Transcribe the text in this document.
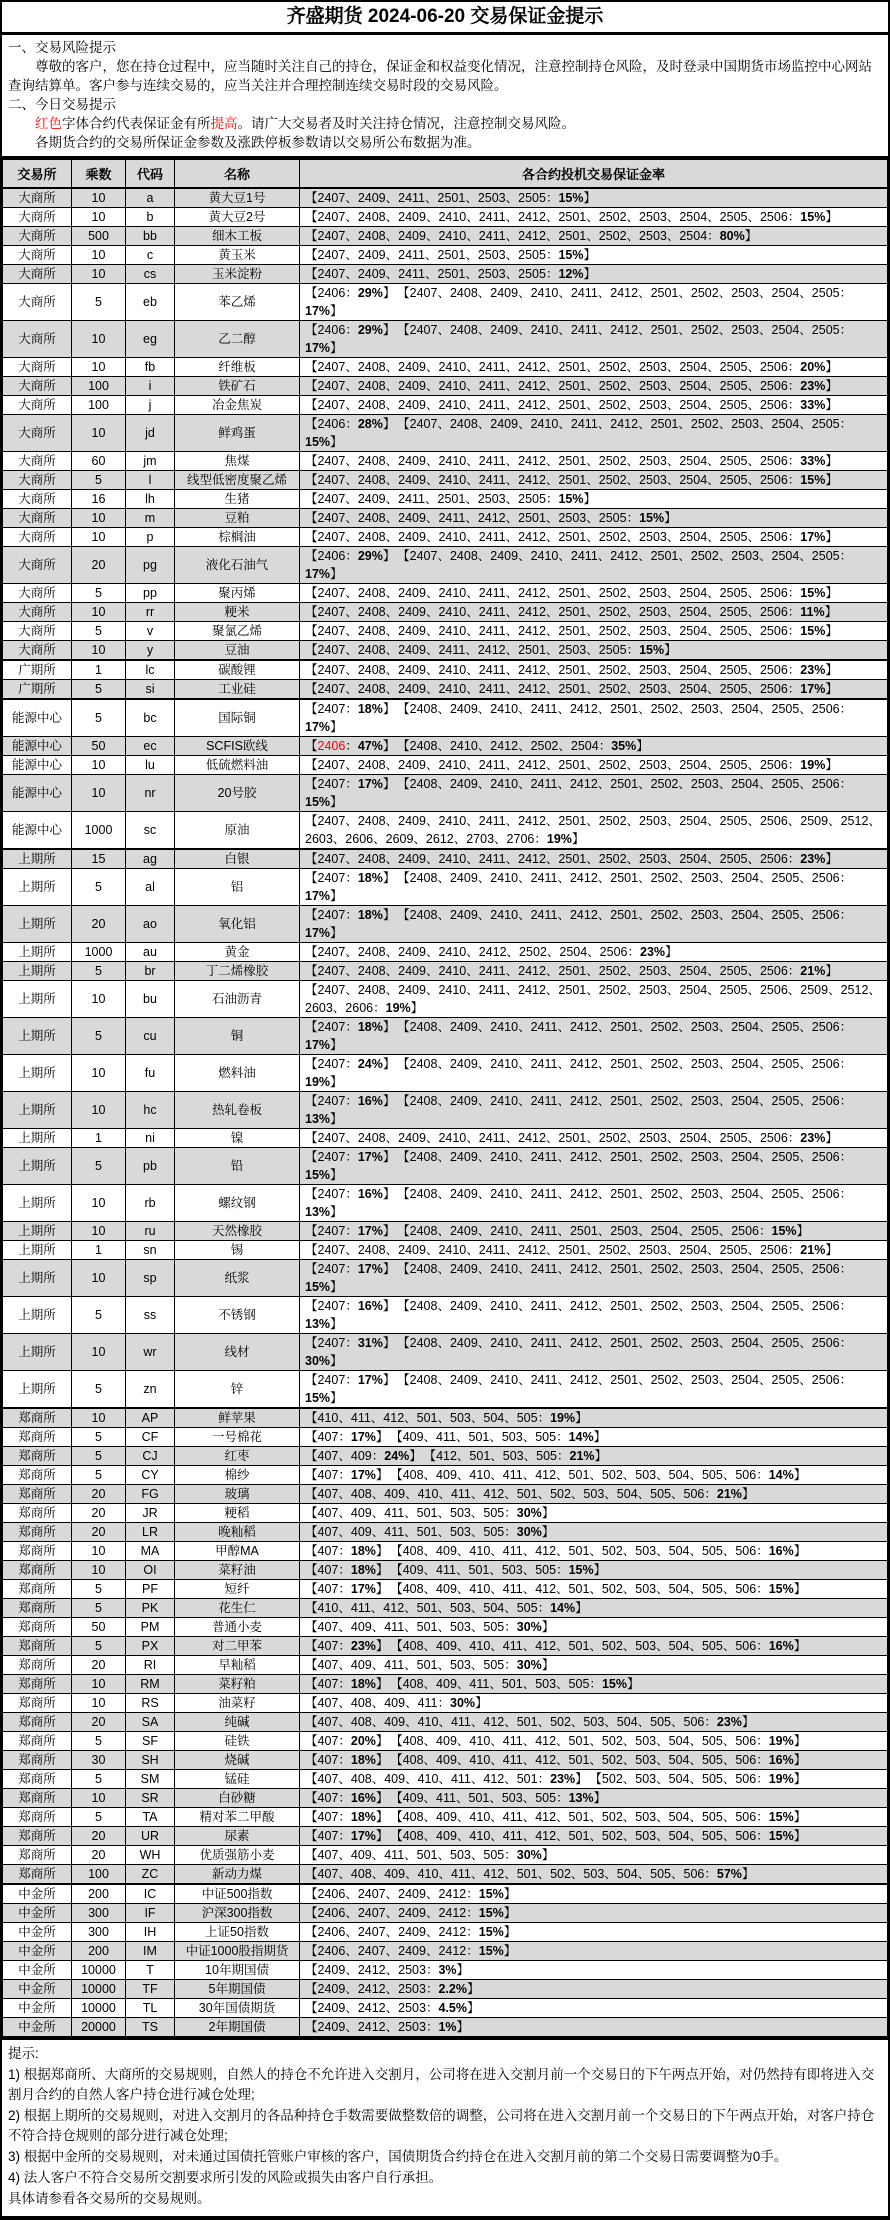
齐盛期货 2024-06-20 交易保证金提示

一、交易风险提示

尊敬的客户，您在持仓过程中，应当随时关注自己的持仓，保证金和权益变化情况，注意控制持仓风险，及时登录中国期货市场监控中心网站查询结算单。客户参与连续交易的，应当关注并合理控制连续交易时段的交易风险。

二、今日交易提示

红色字体合约代表保证金有所提高。请广大交易者及时关注持仓情况，注意控制交易风险。

各期货合约的交易所保证金参数及涨跌停板参数请以交易所公布数据为准。

交易所	乘数	代码	名称	各合约投机交易保证金率
大商所	10	a	黄大豆1号	【2407、2409、2411、2501、2503、2505：15%】
大商所	10	b	黄大豆2号	【2407、2408、2409、2410、2411、2412、2501、2502、2503、2504、2505、2506：15%】
大商所	500	bb	细木工板	【2407、2408、2409、2410、2411、2412、2501、2502、2503、2504：80%】
大商所	10	c	黄玉米	【2407、2409、2411、2501、2503、2505：15%】
大商所	10	cs	玉米淀粉	【2407、2409、2411、2501、2503、2505：12%】
大商所	5	eb	苯乙烯	【2406：29%】 【2407、2408、2409、2410、2411、2412、2501、2502、2503、2504、2505：17%】
大商所	10	eg	乙二醇	【2406：29%】 【2407、2408、2409、2410、2411、2412、2501、2502、2503、2504、2505：17%】
大商所	10	fb	纤维板	【2407、2408、2409、2410、2411、2412、2501、2502、2503、2504、2505、2506：20%】
大商所	100	i	铁矿石	【2407、2408、2409、2410、2411、2412、2501、2502、2503、2504、2505、2506：23%】
大商所	100	j	冶金焦炭	【2407、2408、2409、2410、2411、2412、2501、2502、2503、2504、2505、2506：33%】
大商所	10	jd	鲜鸡蛋	【2406：28%】 【2407、2408、2409、2410、2411、2412、2501、2502、2503、2504、2505：15%】
大商所	60	jm	焦煤	【2407、2408、2409、2410、2411、2412、2501、2502、2503、2504、2505、2506：33%】
大商所	5	l	线型低密度聚乙烯	【2407、2408、2409、2410、2411、2412、2501、2502、2503、2504、2505、2506：15%】
大商所	16	lh	生猪	【2407、2409、2411、2501、2503、2505：15%】
大商所	10	m	豆粕	【2407、2408、2409、2411、2412、2501、2503、2505：15%】
大商所	10	p	棕榈油	【2407、2408、2409、2410、2411、2412、2501、2502、2503、2504、2505、2506：17%】
大商所	20	pg	液化石油气	【2406：29%】 【2407、2408、2409、2410、2411、2412、2501、2502、2503、2504、2505：17%】
大商所	5	pp	聚丙烯	【2407、2408、2409、2410、2411、2412、2501、2502、2503、2504、2505、2506：15%】
大商所	10	rr	粳米	【2407、2408、2409、2410、2411、2412、2501、2502、2503、2504、2505、2506：11%】
大商所	5	v	聚氯乙烯	【2407、2408、2409、2410、2411、2412、2501、2502、2503、2504、2505、2506：15%】
大商所	10	y	豆油	【2407、2408、2409、2411、2412、2501、2503、2505：15%】
广期所	1	lc	碳酸锂	【2407、2408、2409、2410、2411、2412、2501、2502、2503、2504、2505、2506：23%】
广期所	5	si	工业硅	【2407、2408、2409、2410、2411、2412、2501、2502、2503、2504、2505、2506：17%】
能源中心	5	bc	国际铜	【2407：18%】 【2408、2409、2410、2411、2412、2501、2502、2503、2504、2505、2506：17%】
能源中心	50	ec	SCFIS欧线	【2406：47%】 【2408、2410、2412、2502、2504：35%】
能源中心	10	lu	低硫燃料油	【2407、2408、2409、2410、2411、2412、2501、2502、2503、2504、2505、2506：19%】
能源中心	10	nr	20号胶	【2407：17%】 【2408、2409、2410、2411、2412、2501、2502、2503、2504、2505、2506：15%】
能源中心	1000	sc	原油	【2407、2408、2409、2410、2411、2412、2501、2502、2503、2504、2505、2506、2509、2512、2603、2606、2609、2612、2703、2706：19%】
上期所	15	ag	白银	【2407、2408、2409、2410、2411、2412、2501、2502、2503、2504、2505、2506：23%】
上期所	5	al	铝	【2407：18%】 【2408、2409、2410、2411、2412、2501、2502、2503、2504、2505、2506：17%】
上期所	20	ao	氧化铝	【2407：18%】 【2408、2409、2410、2411、2412、2501、2502、2503、2504、2505、2506：17%】
上期所	1000	au	黄金	【2407、2408、2409、2410、2412、2502、2504、2506：23%】
上期所	5	br	丁二烯橡胶	【2407、2408、2409、2410、2411、2412、2501、2502、2503、2504、2505、2506：21%】
上期所	10	bu	石油沥青	【2407、2408、2409、2410、2411、2412、2501、2502、2503、2504、2505、2506、2509、2512、2603、2606：19%】
上期所	5	cu	铜	【2407：18%】 【2408、2409、2410、2411、2412、2501、2502、2503、2504、2505、2506：17%】
上期所	10	fu	燃料油	【2407：24%】 【2408、2409、2410、2411、2412、2501、2502、2503、2504、2505、2506：19%】
上期所	10	hc	热轧卷板	【2407：16%】 【2408、2409、2410、2411、2412、2501、2502、2503、2504、2505、2506：13%】
上期所	1	ni	镍	【2407、2408、2409、2410、2411、2412、2501、2502、2503、2504、2505、2506：23%】
上期所	5	pb	铅	【2407：17%】 【2408、2409、2410、2411、2412、2501、2502、2503、2504、2505、2506：15%】
上期所	10	rb	螺纹钢	【2407：16%】 【2408、2409、2410、2411、2412、2501、2502、2503、2504、2505、2506：13%】
上期所	10	ru	天然橡胶	【2407：17%】 【2408、2409、2410、2411、2501、2503、2504、2505、2506：15%】
上期所	1	sn	锡	【2407、2408、2409、2410、2411、2412、2501、2502、2503、2504、2505、2506：21%】
上期所	10	sp	纸浆	【2407：17%】 【2408、2409、2410、2411、2412、2501、2502、2503、2504、2505、2506：15%】
上期所	5	ss	不锈钢	【2407：16%】 【2408、2409、2410、2411、2412、2501、2502、2503、2504、2505、2506：13%】
上期所	10	wr	线材	【2407：31%】 【2408、2409、2410、2411、2412、2501、2502、2503、2504、2505、2506：30%】
上期所	5	zn	锌	【2407：17%】 【2408、2409、2410、2411、2412、2501、2502、2503、2504、2505、2506：15%】
郑商所	10	AP	鲜苹果	【410、411、412、501、503、504、505：19%】
郑商所	5	CF	一号棉花	【407：17%】 【409、411、501、503、505：14%】
郑商所	5	CJ	红枣	【407、409：24%】 【412、501、503、505：21%】
郑商所	5	CY	棉纱	【407：17%】 【408、409、410、411、412、501、502、503、504、505、506：14%】
郑商所	20	FG	玻璃	【407、408、409、410、411、412、501、502、503、504、505、506：21%】
郑商所	20	JR	粳稻	【407、409、411、501、503、505：30%】
郑商所	20	LR	晚籼稻	【407、409、411、501、503、505：30%】
郑商所	10	MA	甲醇MA	【407：18%】 【408、409、410、411、412、501、502、503、504、505、506：16%】
郑商所	10	OI	菜籽油	【407：18%】 【409、411、501、503、505：15%】
郑商所	5	PF	短纤	【407：17%】 【408、409、410、411、412、501、502、503、504、505、506：15%】
郑商所	5	PK	花生仁	【410、411、412、501、503、504、505：14%】
郑商所	50	PM	普通小麦	【407、409、411、501、503、505：30%】
郑商所	5	PX	对二甲苯	【407：23%】 【408、409、410、411、412、501、502、503、504、505、506：16%】
郑商所	20	RI	早籼稻	【407、409、411、501、503、505：30%】
郑商所	10	RM	菜籽粕	【407：18%】 【408、409、411、501、503、505：15%】
郑商所	10	RS	油菜籽	【407、408、409、411：30%】
郑商所	20	SA	纯碱	【407、408、409、410、411、412、501、502、503、504、505、506：23%】
郑商所	5	SF	硅铁	【407：20%】 【408、409、410、411、412、501、502、503、504、505、506：19%】
郑商所	30	SH	烧碱	【407：18%】 【408、409、410、411、412、501、502、503、504、505、506：16%】
郑商所	5	SM	锰硅	【407、408、409、410、411、412、501：23%】 【502、503、504、505、506：19%】
郑商所	10	SR	白砂糖	【407：16%】 【409、411、501、503、505：13%】
郑商所	5	TA	精对苯二甲酸	【407：18%】 【408、409、410、411、412、501、502、503、504、505、506：15%】
郑商所	20	UR	尿素	【407：17%】 【408、409、410、411、412、501、502、503、504、505、506：15%】
郑商所	20	WH	优质强筋小麦	【407、409、411、501、503、505：30%】
郑商所	100	ZC	新动力煤	【407、408、409、410、411、412、501、502、503、504、505、506：57%】
中金所	200	IC	中证500指数	【2406、2407、2409、2412：15%】
中金所	300	IF	沪深300指数	【2406、2407、2409、2412：15%】
中金所	300	IH	上证50指数	【2406、2407、2409、2412：15%】
中金所	200	IM	中证1000股指期货	【2406、2407、2409、2412：15%】
中金所	10000	T	10年期国债	【2409、2412、2503：3%】
中金所	10000	TF	5年期国债	【2409、2412、2503：2.2%】
中金所	10000	TL	30年国债期货	【2409、2412、2503：4.5%】
中金所	20000	TS	2年期国债	【2409、2412、2503：1%】

提示:

1) 根据郑商所、大商所的交易规则，自然人的持仓不允许进入交割月，公司将在进入交割月前一个交易日的下午两点开始，对仍然持有即将进入交割月合约的自然人客户持仓进行减仓处理;

2) 根据上期所的交易规则，对进入交割月的各品种持仓手数需要做整数倍的调整，公司将在进入交割月前一个交易日的下午两点开始，对客户持仓不符合持仓规则的部分进行减仓处理;

3) 根据中金所的交易规则，对未通过国债托管账户审核的客户，国债期货合约持仓在进入交割月前的第二个交易日需要调整为0手。

4) 法人客户不符合交易所交割要求所引发的风险或损失由客户自行承担。

具体请参看各交易所的交易规则。
